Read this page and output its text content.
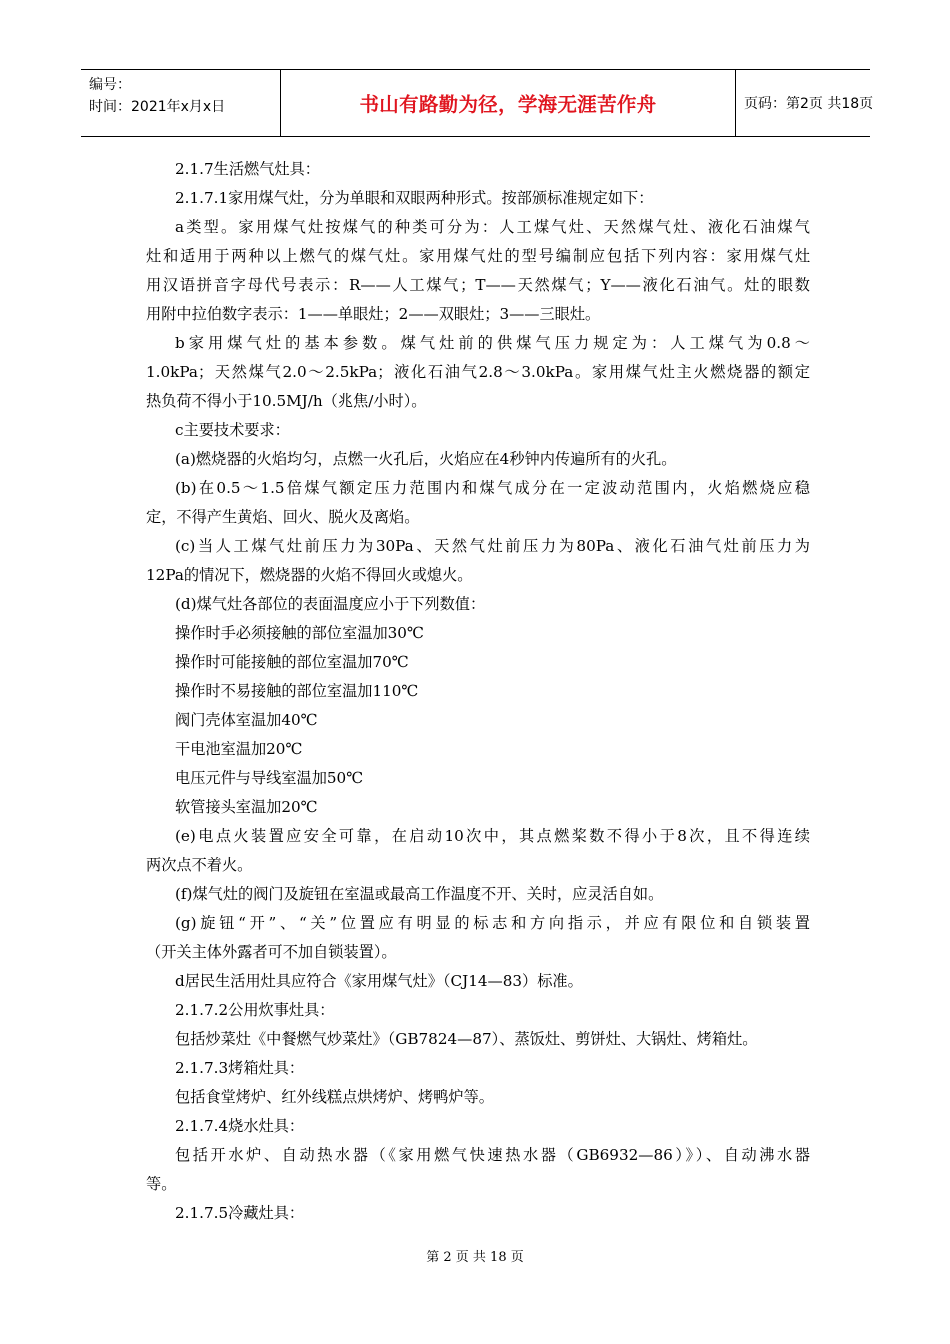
编号：
时间：2021年x月x日	书山有路勤为径，学海无涯苦作舟	页码：第2页 共18页
2.1.7生活燃气灶具：
2.1.7.1家用煤气灶，分为单眼和双眼两种形式。按部颁标准规定如下：
a类型。家用煤气灶按煤气的种类可分为：人工煤气灶、天然煤气灶、液化石油煤气
灶和适用于两种以上燃气的煤气灶。家用煤气灶的型号编制应包括下列内容：家用煤气灶
用汉语拼音字母代号表示：R——人工煤气；T——天然煤气；Y——液化石油气。灶的眼数
用附中拉伯数字表示：1——单眼灶；2——双眼灶；3——三眼灶。
b家用煤气灶的基本参数。煤气灶前的供煤气压力规定为：人工煤气为0.8～
1.0kPa；天然煤气2.0～2.5kPa；液化石油气2.8～3.0kPa。家用煤气灶主火燃烧器的额定
热负荷不得小于10.5MJ/h（兆焦/小时）。
c主要技术要求：
(a)燃烧器的火焰均匀，点燃一火孔后，火焰应在4秒钟内传遍所有的火孔。
(b)在0.5～1.5倍煤气额定压力范围内和煤气成分在一定波动范围内，火焰燃烧应稳
定，不得产生黄焰、回火、脱火及离焰。
(c)当人工煤气灶前压力为30Pa、天然气灶前压力为80Pa、液化石油气灶前压力为
12Pa的情况下，燃烧器的火焰不得回火或熄火。
(d)煤气灶各部位的表面温度应小于下列数值：
操作时手必须接触的部位室温加30℃
操作时可能接触的部位室温加70℃
操作时不易接触的部位室温加110℃
阀门壳体室温加40℃
干电池室温加20℃
电压元件与导线室温加50℃
软管接头室温加20℃
(e)电点火装置应安全可靠，在启动10次中，其点燃桨数不得小于8次，且不得连续
两次点不着火。
(f)煤气灶的阀门及旋钮在室温或最高工作温度不开、关时，应灵活自如。
(g)旋钮“开”、“关”位置应有明显的标志和方向指示，并应有限位和自锁装置
（开关主体外露者可不加自锁装置）。
d居民生活用灶具应符合《家用煤气灶》（CJ14—83）标准。
2.1.7.2公用炊事灶具：
包括炒菜灶《中餐燃气炒菜灶》（GB7824—87）、蒸饭灶、剪饼灶、大锅灶、烤箱灶。
2.1.7.3烤箱灶具：
包括食堂烤炉、红外线糕点烘烤炉、烤鸭炉等。
2.1.7.4烧水灶具：
包括开水炉、自动热水器（《家用燃气快速热水器（GB6932—86）》）、自动沸水器
等。
2.1.7.5冷藏灶具：
第 2 页 共 18 页
